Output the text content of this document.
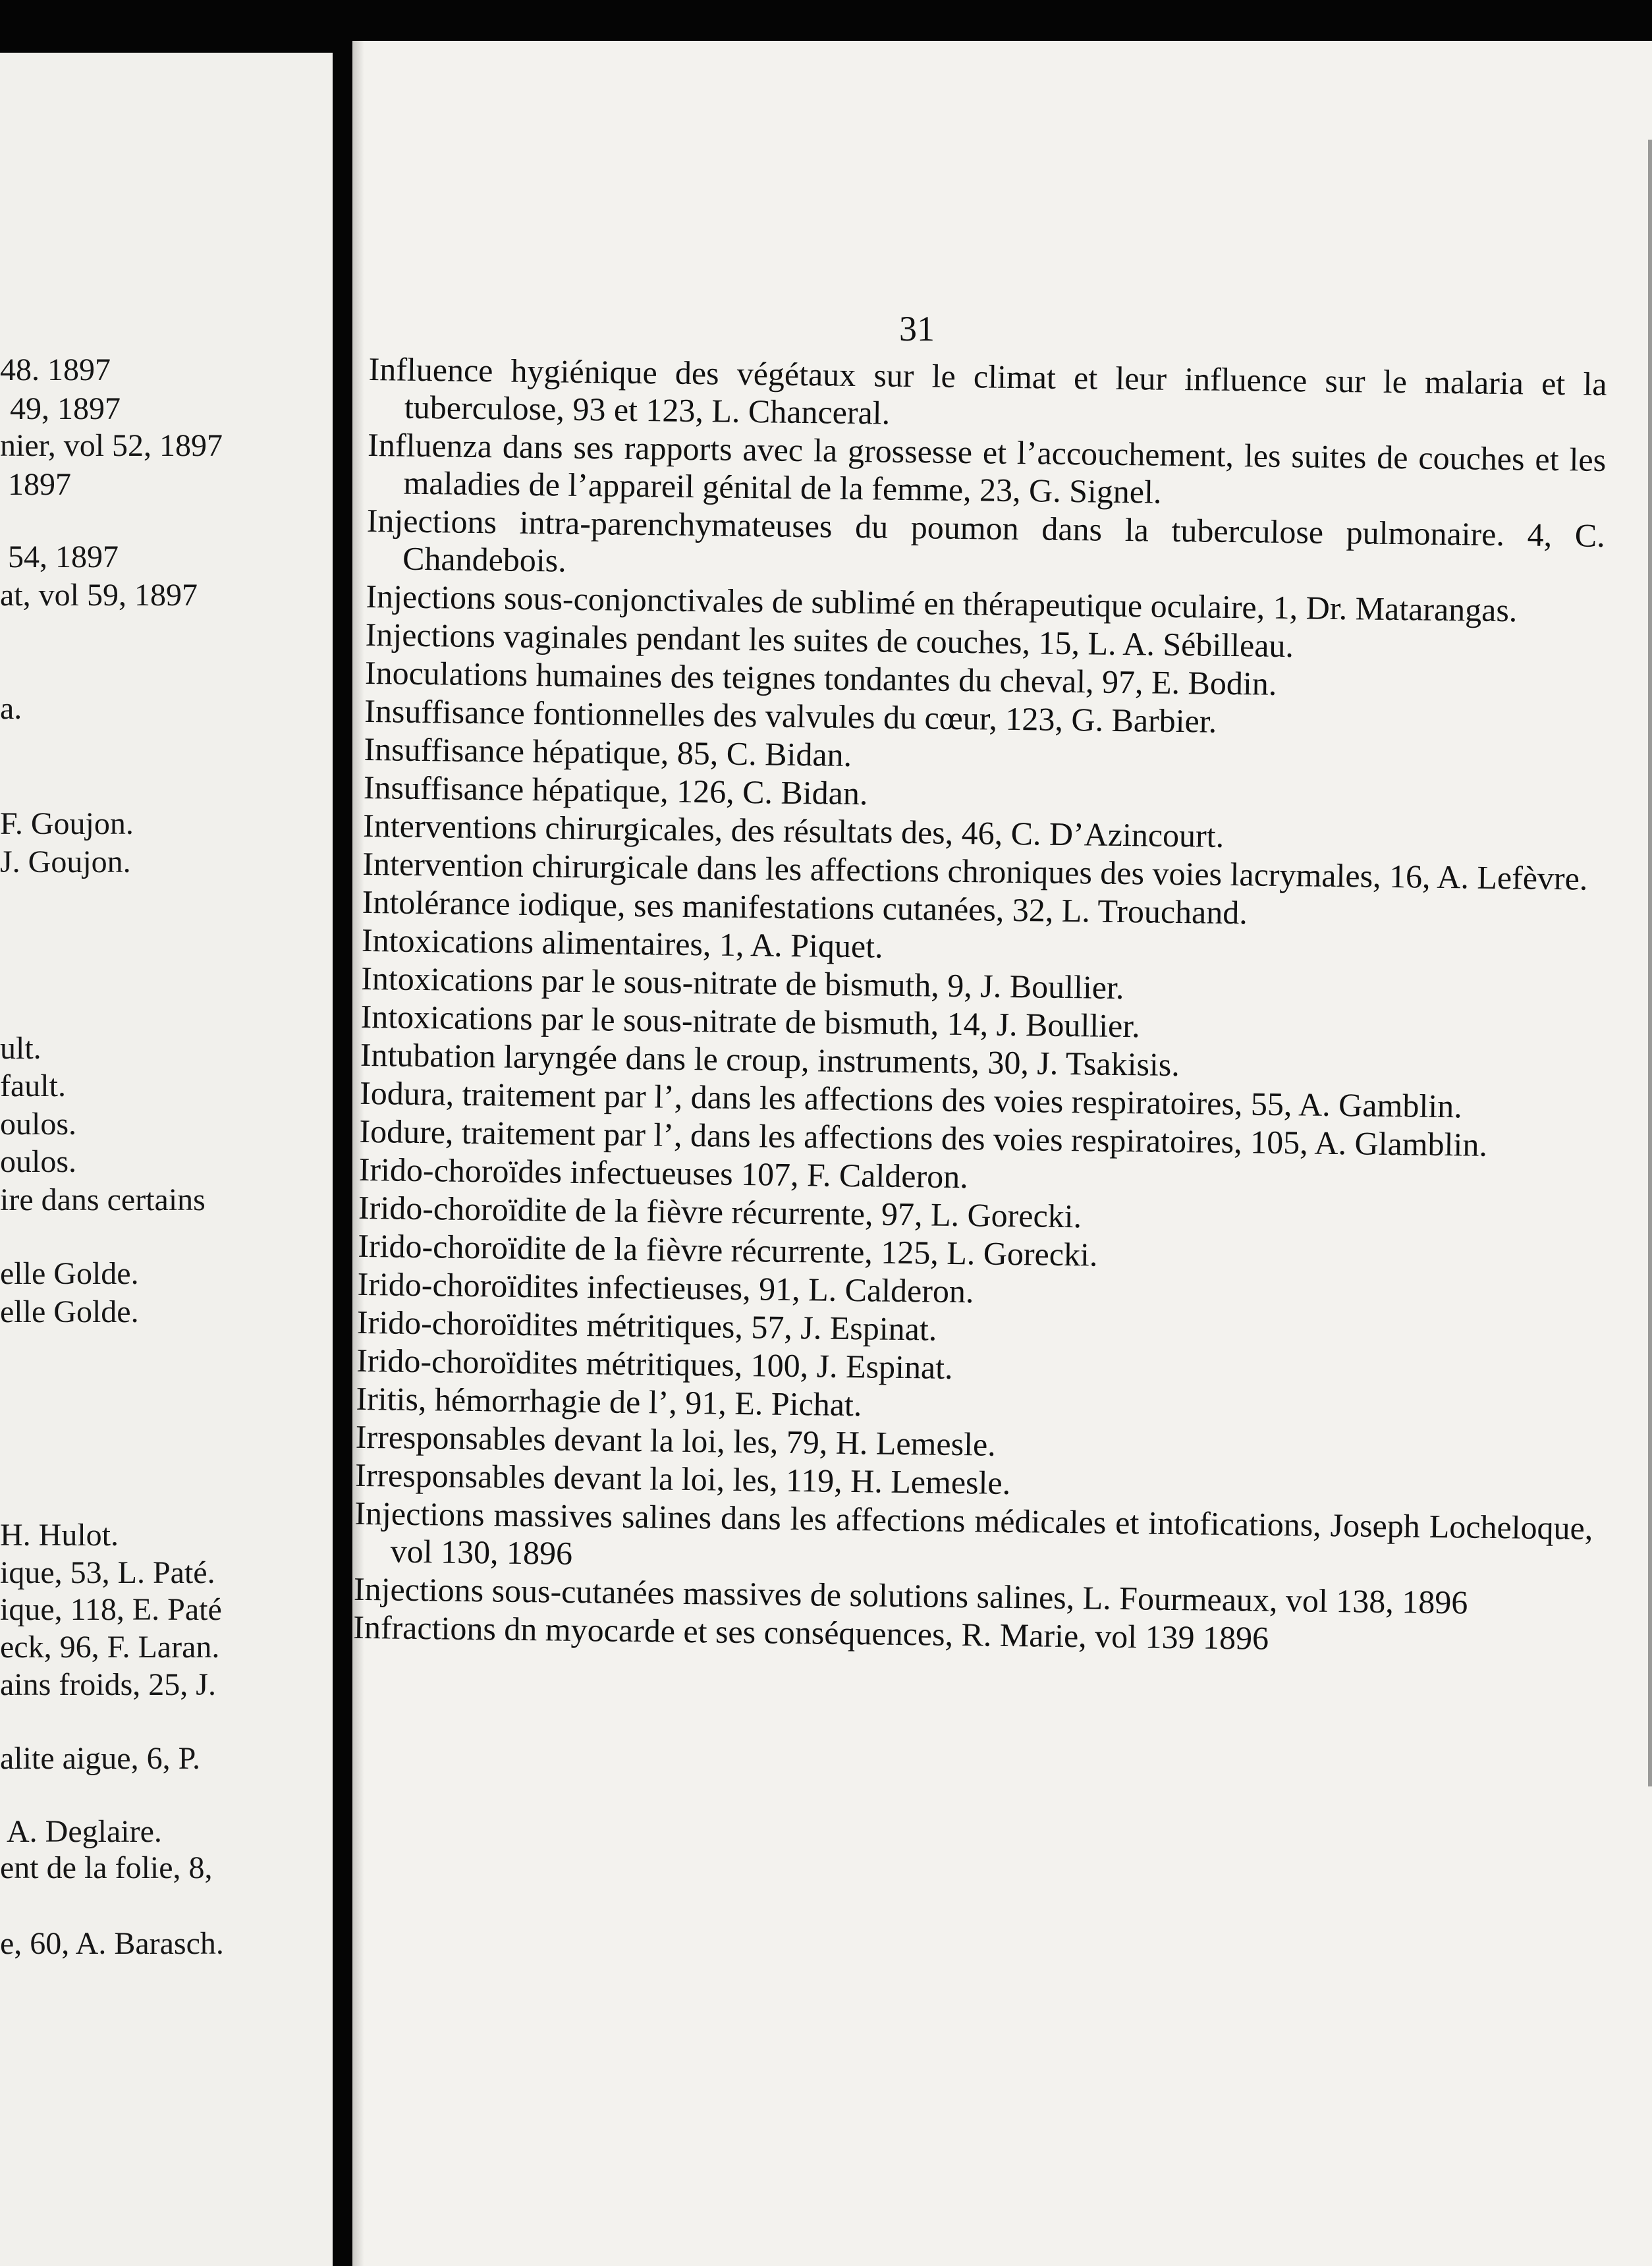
48. 1897
49, 1897
nier, vol 52, 1897
1897
54, 1897
at, vol 59, 1897
a.
F. Goujon.
J. Goujon.
ult.
fault.
oulos.
oulos.
ire dans certains
elle Golde.
elle Golde.
H. Hulot.
ique, 53, L. Paté.
ique, 118, E. Paté
eck, 96, F. Laran.
ains froids, 25, J.
alite aigue, 6, P.
A. Deglaire.
ent de la folie, 8,
e, 60, A. Barasch.
31

Influence hygiénique des végétaux sur le climat et leur influence sur le malaria et la tuberculose, 93 et 123, L. Chanceral.

Influenza dans ses rapports avec la grossesse et l’accouchement, les suites de couches et les maladies de l’appareil génital de la femme, 23, G. Signel.

Injections intra-parenchymateuses du poumon dans la tuberculose pulmonaire. 4, C. Chandebois.

Injections sous-conjonctivales de sublimé en thérapeutique oculaire, 1, Dr. Matarangas.

Injections vaginales pendant les suites de couches, 15, L. A. Sébilleau.

Inoculations humaines des teignes tondantes du cheval, 97, E. Bodin.

Insuffisance fontionnelles des valvules du cœur, 123, G. Barbier.

Insuffisance hépatique, 85, C. Bidan.

Insuffisance hépatique, 126, C. Bidan.

Interventions chirurgicales, des résultats des, 46, C. D’Azincourt.

Intervention chirurgicale dans les affections chroniques des voies lacrymales, 16, A. Lefèvre.

Intolérance iodique, ses manifestations cutanées, 32, L. Trouchand.

Intoxications alimentaires, 1, A. Piquet.

Intoxications par le sous-nitrate de bismuth, 9, J. Boullier.

Intoxications par le sous-nitrate de bismuth, 14, J. Boullier.

Intubation laryngée dans le croup, instruments, 30, J. Tsakisis.

Iodura, traitement par l’, dans les affections des voies respiratoires, 55, A. Gamblin.

Iodure, traitement par l’, dans les affections des voies respiratoires, 105, A. Glamblin.

Irido-choroïdes infectueuses 107, F. Calderon.

Irido-choroïdite de la fièvre récurrente, 97, L. Gorecki.

Irido-choroïdite de la fièvre récurrente, 125, L. Gorecki.

Irido-choroïdites infectieuses, 91, L. Calderon.

Irido-choroïdites métritiques, 57, J. Espinat.

Irido-choroïdites métritiques, 100, J. Espinat.

Iritis, hémorrhagie de l’, 91, E. Pichat.

Irresponsables devant la loi, les, 79, H. Lemesle.

Irresponsables devant la loi, les, 119, H. Lemesle.

Injections massives salines dans les affections médicales et intofications, Joseph Locheloque, vol 130, 1896

Injections sous-cutanées massives de solutions salines, L. Fourmeaux, vol 138, 1896

Infractions dn myocarde et ses conséquences, R. Marie, vol 139 1896
